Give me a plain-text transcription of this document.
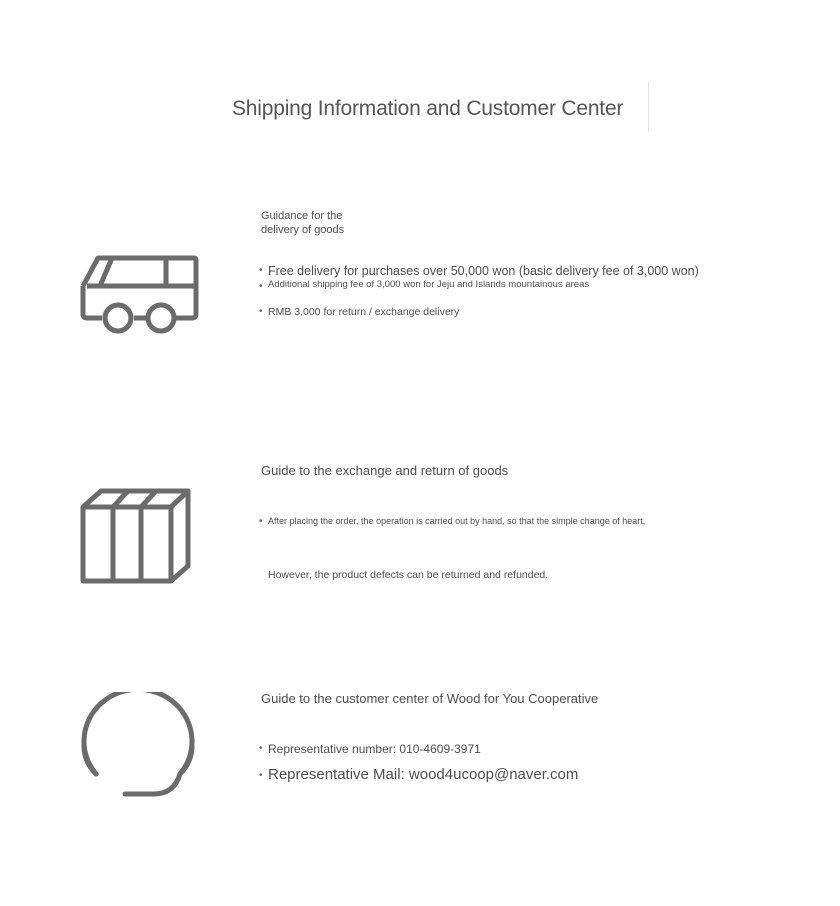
Shipping Information and Customer Center
Guidance for the delivery of goods
• Free delivery for purchases over 50,000 won (basic delivery fee of 3,000 won)
• Additional shipping fee of 3,000 won for Jeju and Islands mountainous areas
• RMB 3,000 for return / exchange delivery
Guide to the exchange and return of goods
• After placing the order, the operation is carried out by hand, so that the simple change of heart,
However, the product defects can be returned and refunded.
Guide to the customer center of Wood for You Cooperative
• Representative number: 010-4609-3971
• Representative Mail: wood4ucoop@naver.com
